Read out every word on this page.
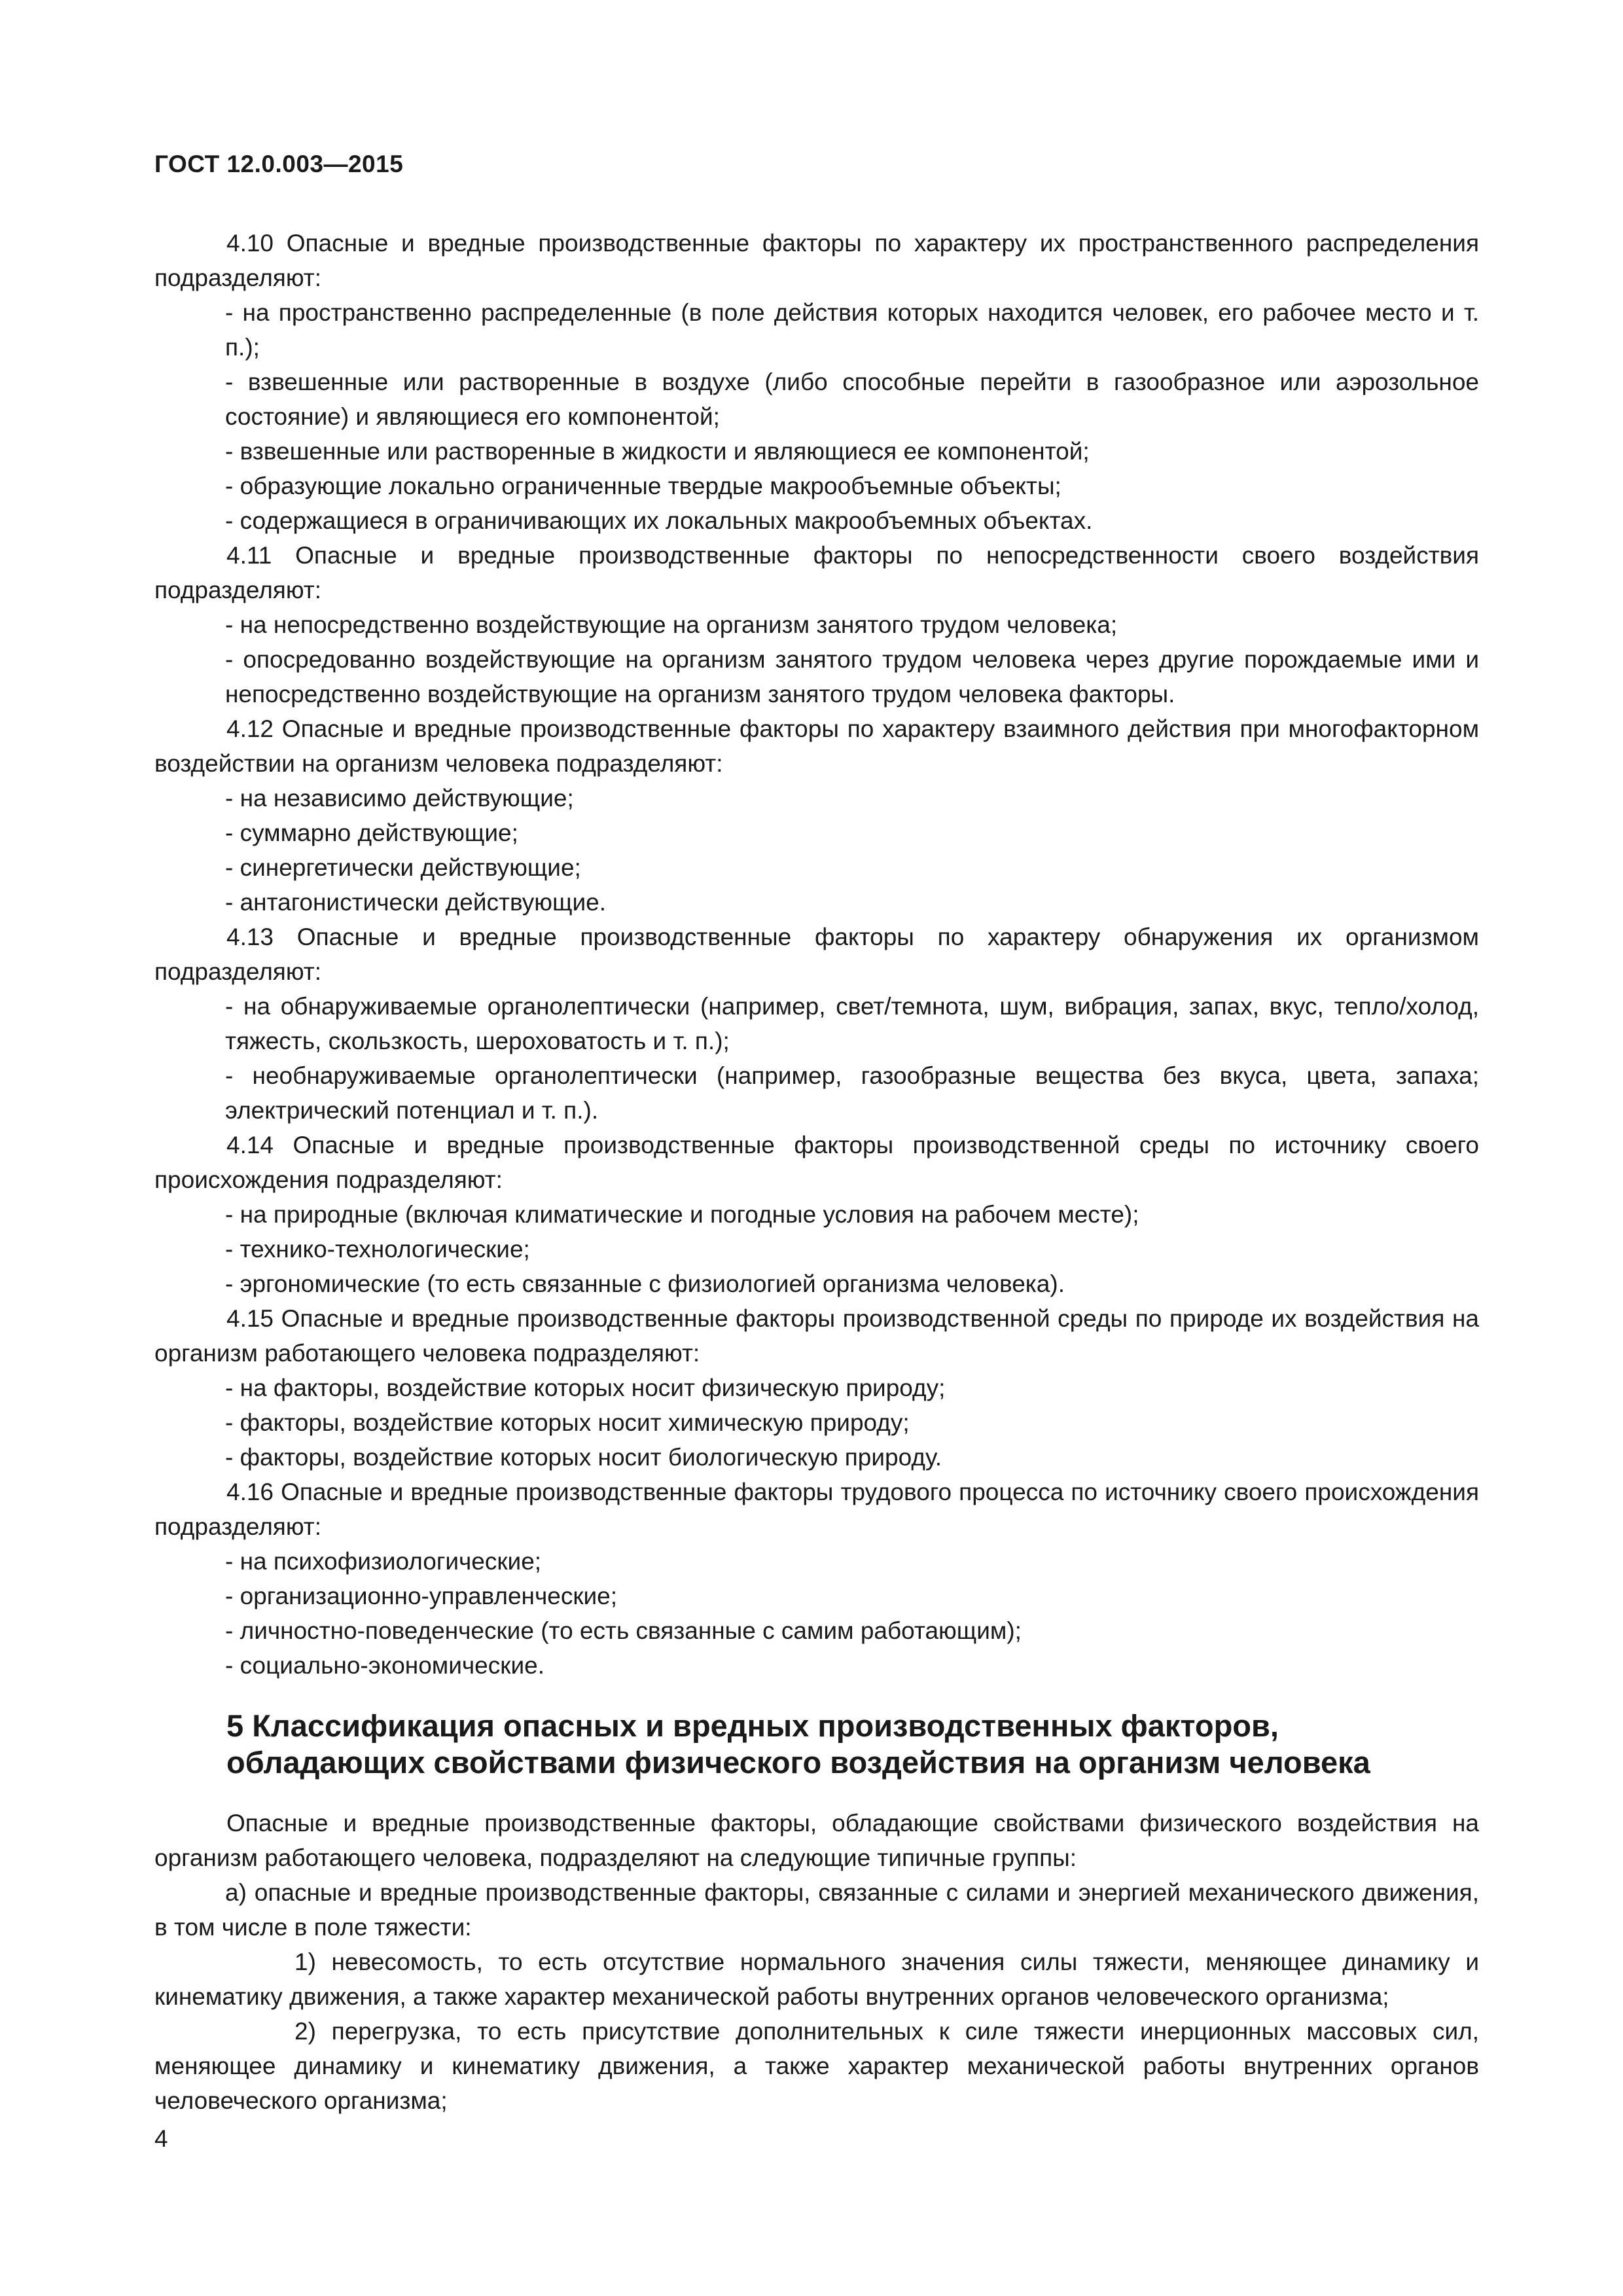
ГОСТ 12.0.003—2015

4.10 Опасные и вредные производственные факторы по характеру их пространственного распределения подразделяют:

- на пространственно распределенные (в поле действия которых находится человек, его рабочее место и т. п.);

- взвешенные или растворенные в воздухе (либо способные перейти в газообразное или аэрозольное состояние) и являющиеся его компонентой;

- взвешенные или растворенные в жидкости и являющиеся ее компонентой;

- образующие локально ограниченные твердые макрообъемные объекты;

- содержащиеся в ограничивающих их локальных макрообъемных объектах.

4.11 Опасные и вредные производственные факторы по непосредственности своего воздействия подразделяют:

- на непосредственно воздействующие на организм занятого трудом человека;

- опосредованно воздействующие на организм занятого трудом человека через другие порождаемые ими и непосредственно воздействующие на организм занятого трудом человека факторы.

4.12 Опасные и вредные производственные факторы по характеру взаимного действия при многофакторном воздействии на организм человека подразделяют:

- на независимо действующие;

- суммарно действующие;

- синергетически действующие;

- антагонистически действующие.

4.13 Опасные и вредные производственные факторы по характеру обнаружения их организмом подразделяют:

- на обнаруживаемые органолептически (например, свет/темнота, шум, вибрация, запах, вкус, тепло/холод, тяжесть, скользкость, шероховатость и т. п.);

- необнаруживаемые органолептически (например, газообразные вещества без вкуса, цвета, запаха; электрический потенциал и т. п.).

4.14 Опасные и вредные производственные факторы производственной среды по источнику своего происхождения подразделяют:

- на природные (включая климатические и погодные условия на рабочем месте);

- технико-технологические;

- эргономические (то есть связанные с физиологией организма человека).

4.15 Опасные и вредные производственные факторы производственной среды по природе их воздействия на организм работающего человека подразделяют:

- на факторы, воздействие которых носит физическую природу;

- факторы, воздействие которых носит химическую природу;

- факторы, воздействие которых носит биологическую природу.

4.16 Опасные и вредные производственные факторы трудового процесса по источнику своего происхождения подразделяют:

- на психофизиологические;

- организационно-управленческие;

- личностно-поведенческие (то есть связанные с самим работающим);

- социально-экономические.

5 Классификация опасных и вредных производственных факторов,
обладающих свойствами физического воздействия на организм человека

Опасные и вредные производственные факторы, обладающие свойствами физического воздействия на организм работающего человека, подразделяют на следующие типичные группы:

а) опасные и вредные производственные факторы, связанные с силами и энергией механического движения, в том числе в поле тяжести:

1) невесомость, то есть отсутствие нормального значения силы тяжести, меняющее динамику и кинематику движения, а также характер механической работы внутренних органов человеческого организма;

2) перегрузка, то есть присутствие дополнительных к силе тяжести инерционных массовых сил, меняющее динамику и кинематику движения, а также характер механической работы внутренних органов человеческого организма;

4
